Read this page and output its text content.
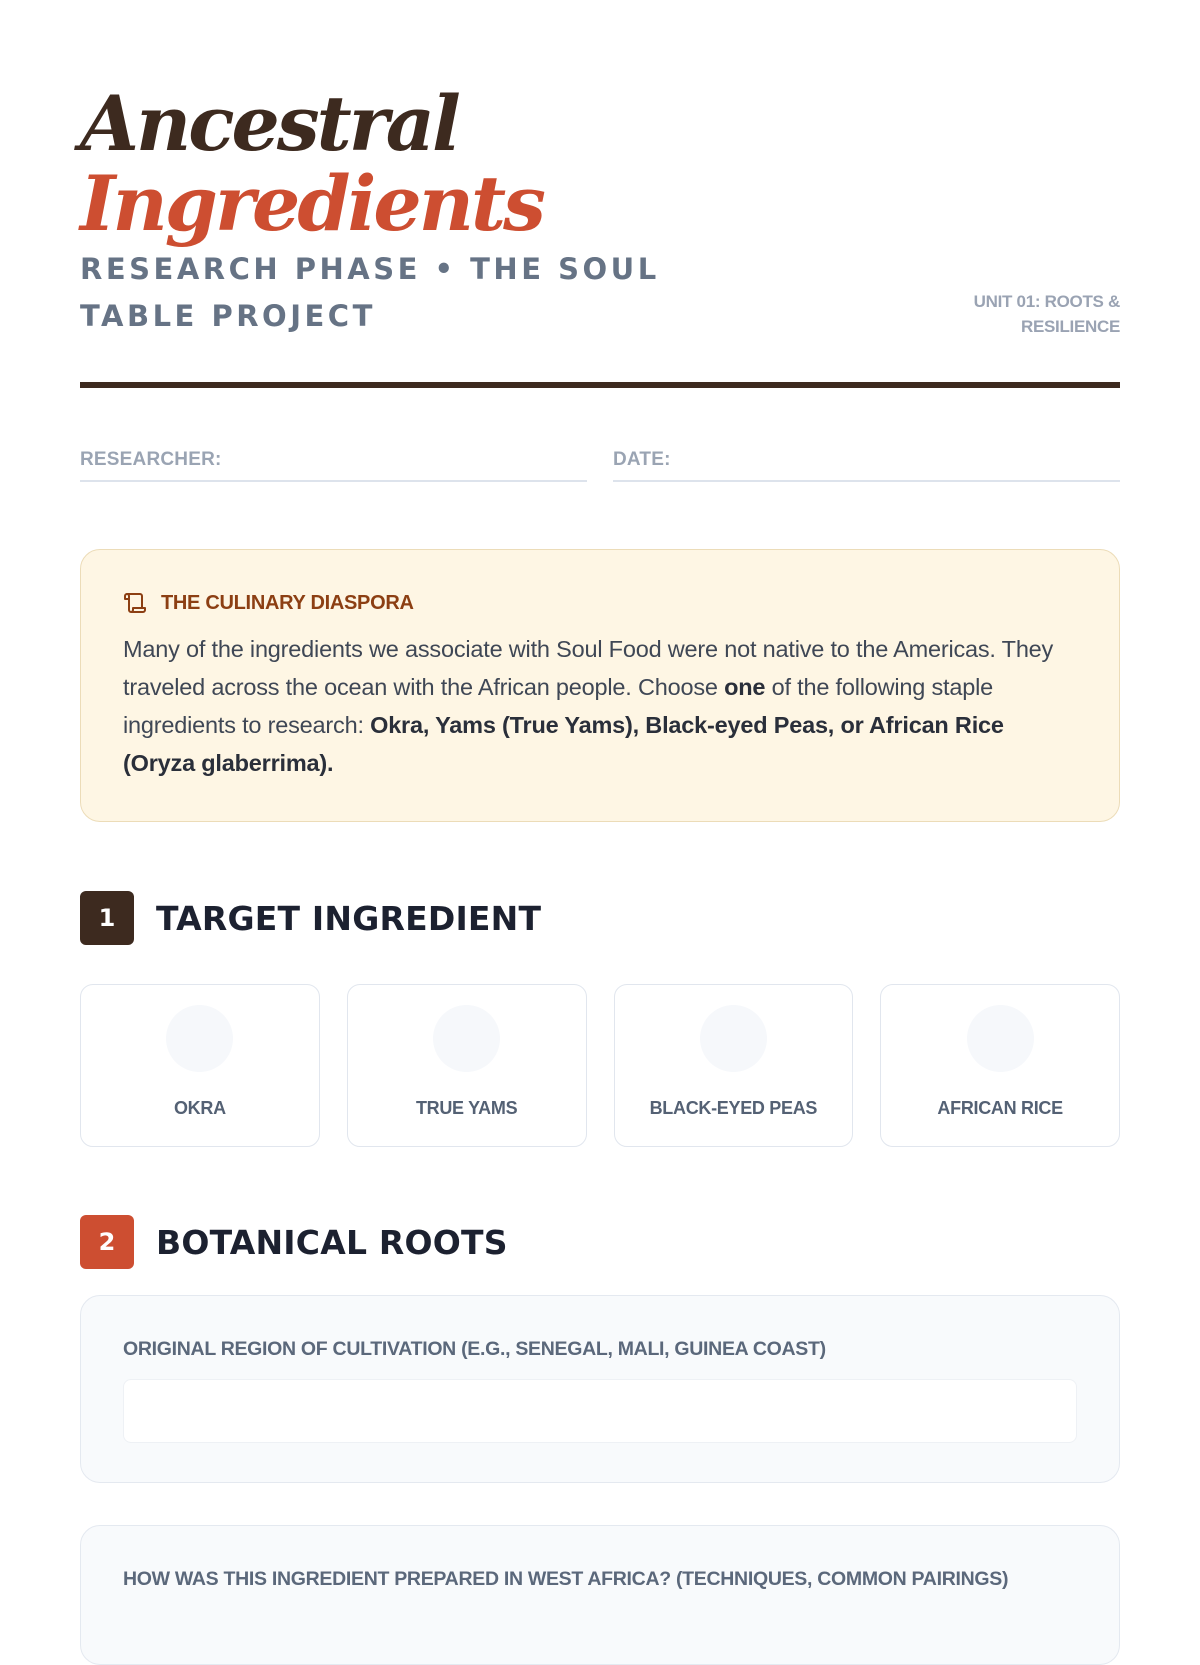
Ancestral
Ingredients
RESEARCH PHASE • THE SOUL TABLE PROJECT	UNIT 01: ROOTS & RESILIENCE
RESEARCHER:	DATE:
THE CULINARY DIASPORA

Many of the ingredients we associate with Soul Food were not native to the Americas. They traveled across the ocean with the African people. Choose one of the following staple ingredients to research: Okra, Yams (True Yams), Black-eyed Peas, or African Rice (Oryza glaberrima).

1	TARGET INGREDIENT
OKRA	TRUE YAMS	BLACK-EYED PEAS	AFRICAN RICE
2	BOTANICAL ROOTS
ORIGINAL REGION OF CULTIVATION (E.G., SENEGAL, MALI, GUINEA COAST)
HOW WAS THIS INGREDIENT PREPARED IN WEST AFRICA? (TECHNIQUES, COMMON PAIRINGS)
